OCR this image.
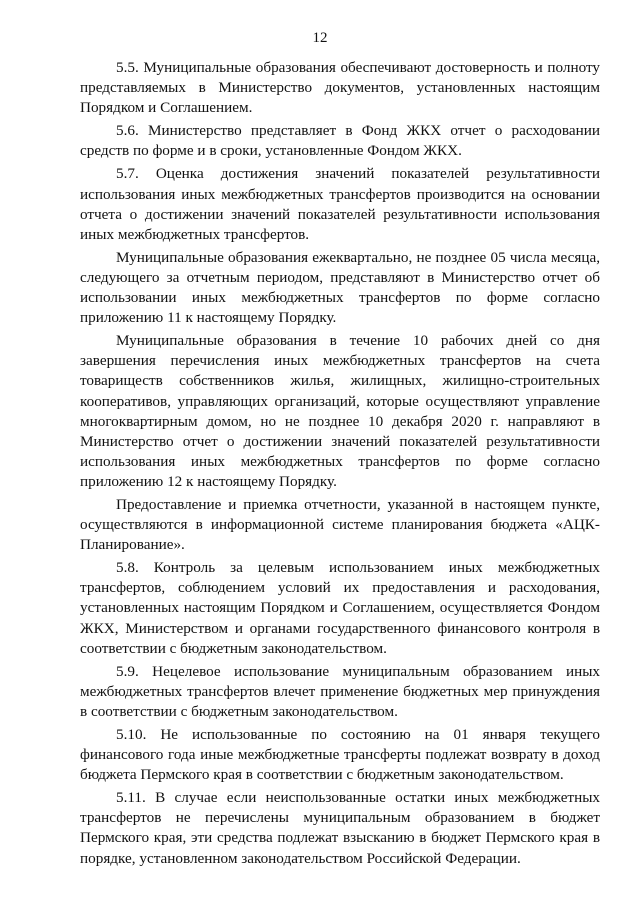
12

5.5. Муниципальные образования обеспечивают достоверность и полноту представляемых в Министерство документов, установленных настоящим Порядком и Соглашением.

5.6. Министерство представляет в Фонд ЖКХ отчет о расходовании средств по форме и в сроки, установленные Фондом ЖКХ.

5.7. Оценка достижения значений показателей результативности использования иных межбюджетных трансфертов производится на основании отчета о достижении значений показателей результативности использования иных межбюджетных трансфертов.

Муниципальные образования ежеквартально, не позднее 05 числа месяца, следующего за отчетным периодом, представляют в Министерство отчет об использовании иных межбюджетных трансфертов по форме согласно приложению 11 к настоящему Порядку.

Муниципальные образования в течение 10 рабочих дней со дня завершения перечисления иных межбюджетных трансфертов на счета товариществ собственников жилья, жилищных, жилищно-строительных кооперативов, управляющих организаций, которые осуществляют управление многоквартирным домом, но не позднее 10 декабря 2020 г. направляют в Министерство отчет о достижении значений показателей результативности использования иных межбюджетных трансфертов по форме согласно приложению 12 к настоящему Порядку.

Предоставление и приемка отчетности, указанной в настоящем пункте, осуществляются в информационной системе планирования бюджета «АЦК-Планирование».

5.8. Контроль за целевым использованием иных межбюджетных трансфертов, соблюдением условий их предоставления и расходования, установленных настоящим Порядком и Соглашением, осуществляется Фондом ЖКХ, Министерством и органами государственного финансового контроля в соответствии с бюджетным законодательством.

5.9. Нецелевое использование муниципальным образованием иных межбюджетных трансфертов влечет применение бюджетных мер принуждения в соответствии с бюджетным законодательством.

5.10. Не использованные по состоянию на 01 января текущего финансового года иные межбюджетные трансферты подлежат возврату в доход бюджета Пермского края в соответствии с бюджетным законодательством.

5.11. В случае если неиспользованные остатки иных межбюджетных трансфертов не перечислены муниципальным образованием в бюджет Пермского края, эти средства подлежат взысканию в бюджет Пермского края в порядке, установленном законодательством Российской Федерации.
